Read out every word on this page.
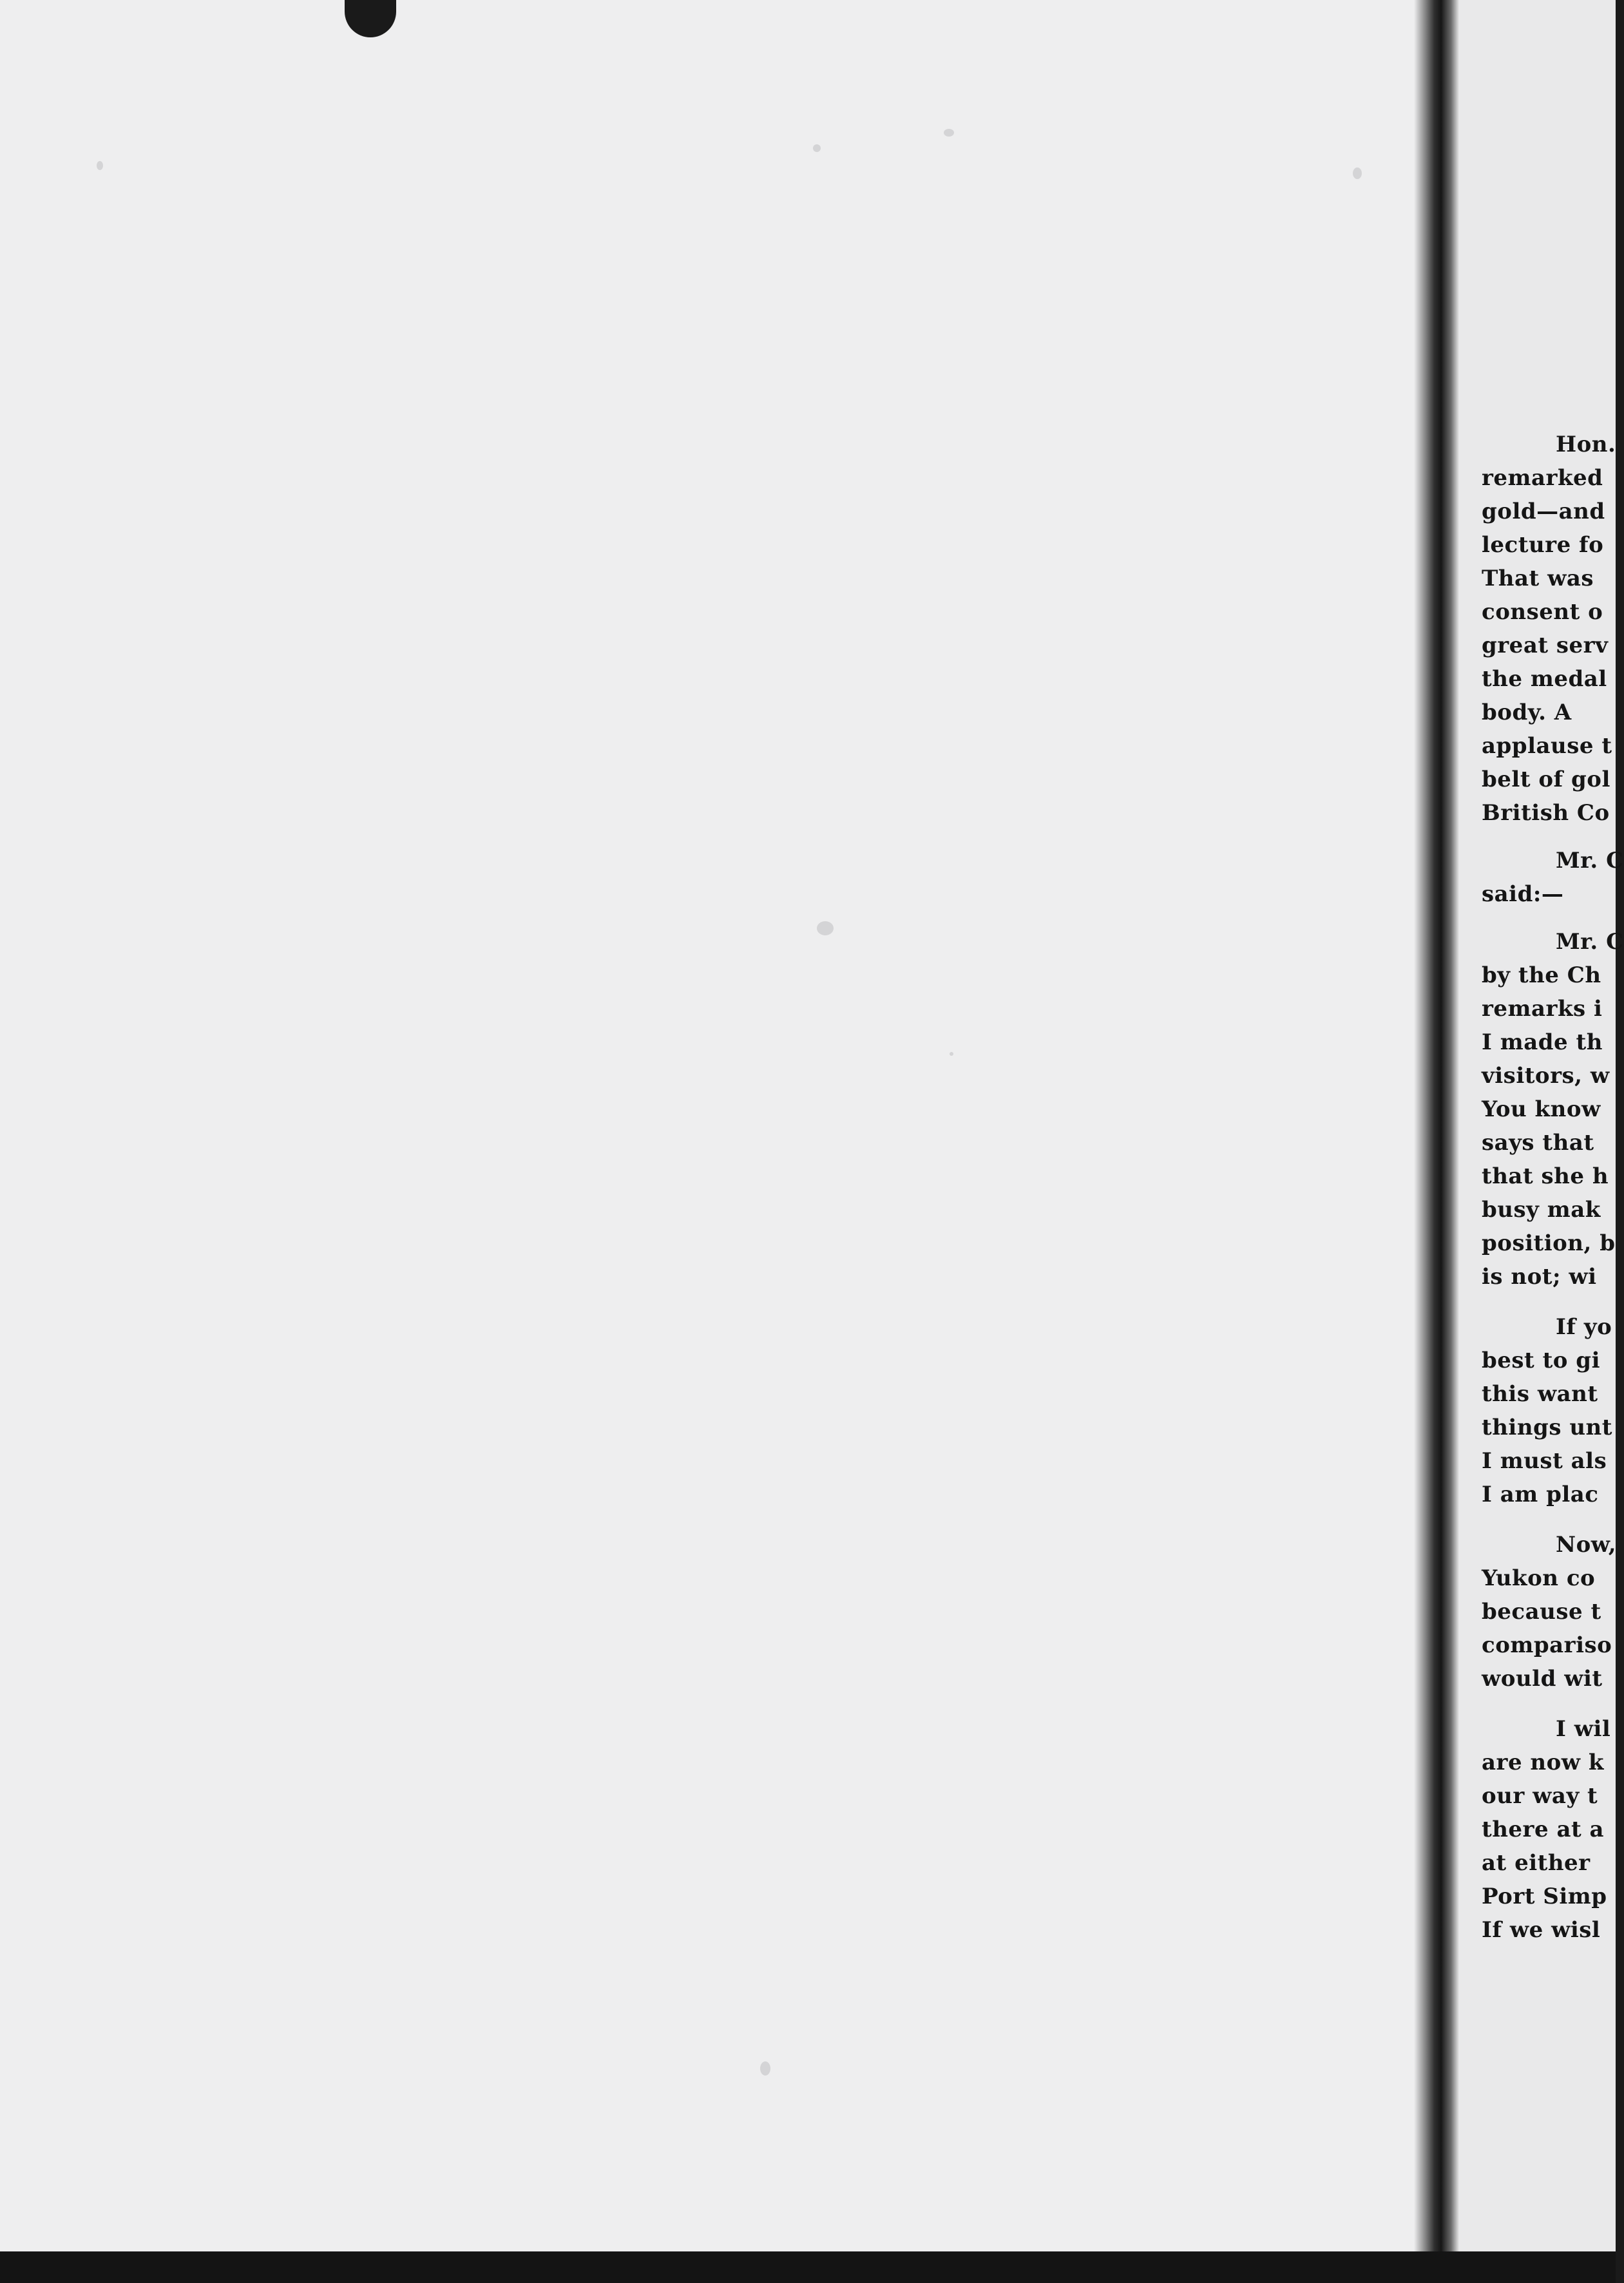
Hon.
remarked
gold—and
lecture fo
That was
consent o
great serv
the medal
body. A
applause t
belt of gol
British Co
Mr. C
said:—
Mr. C
by the Ch
remarks i
I made th
visitors, w
You know
says that
that she h
busy mak
position, b
is not; wi
If yo
best to gi
this want
things unt
I must als
I am plac
Now,
Yukon co
because t
compariso
would wit
I wil
are now k
our way t
there at a
at either
Port Simp
If we wisl
